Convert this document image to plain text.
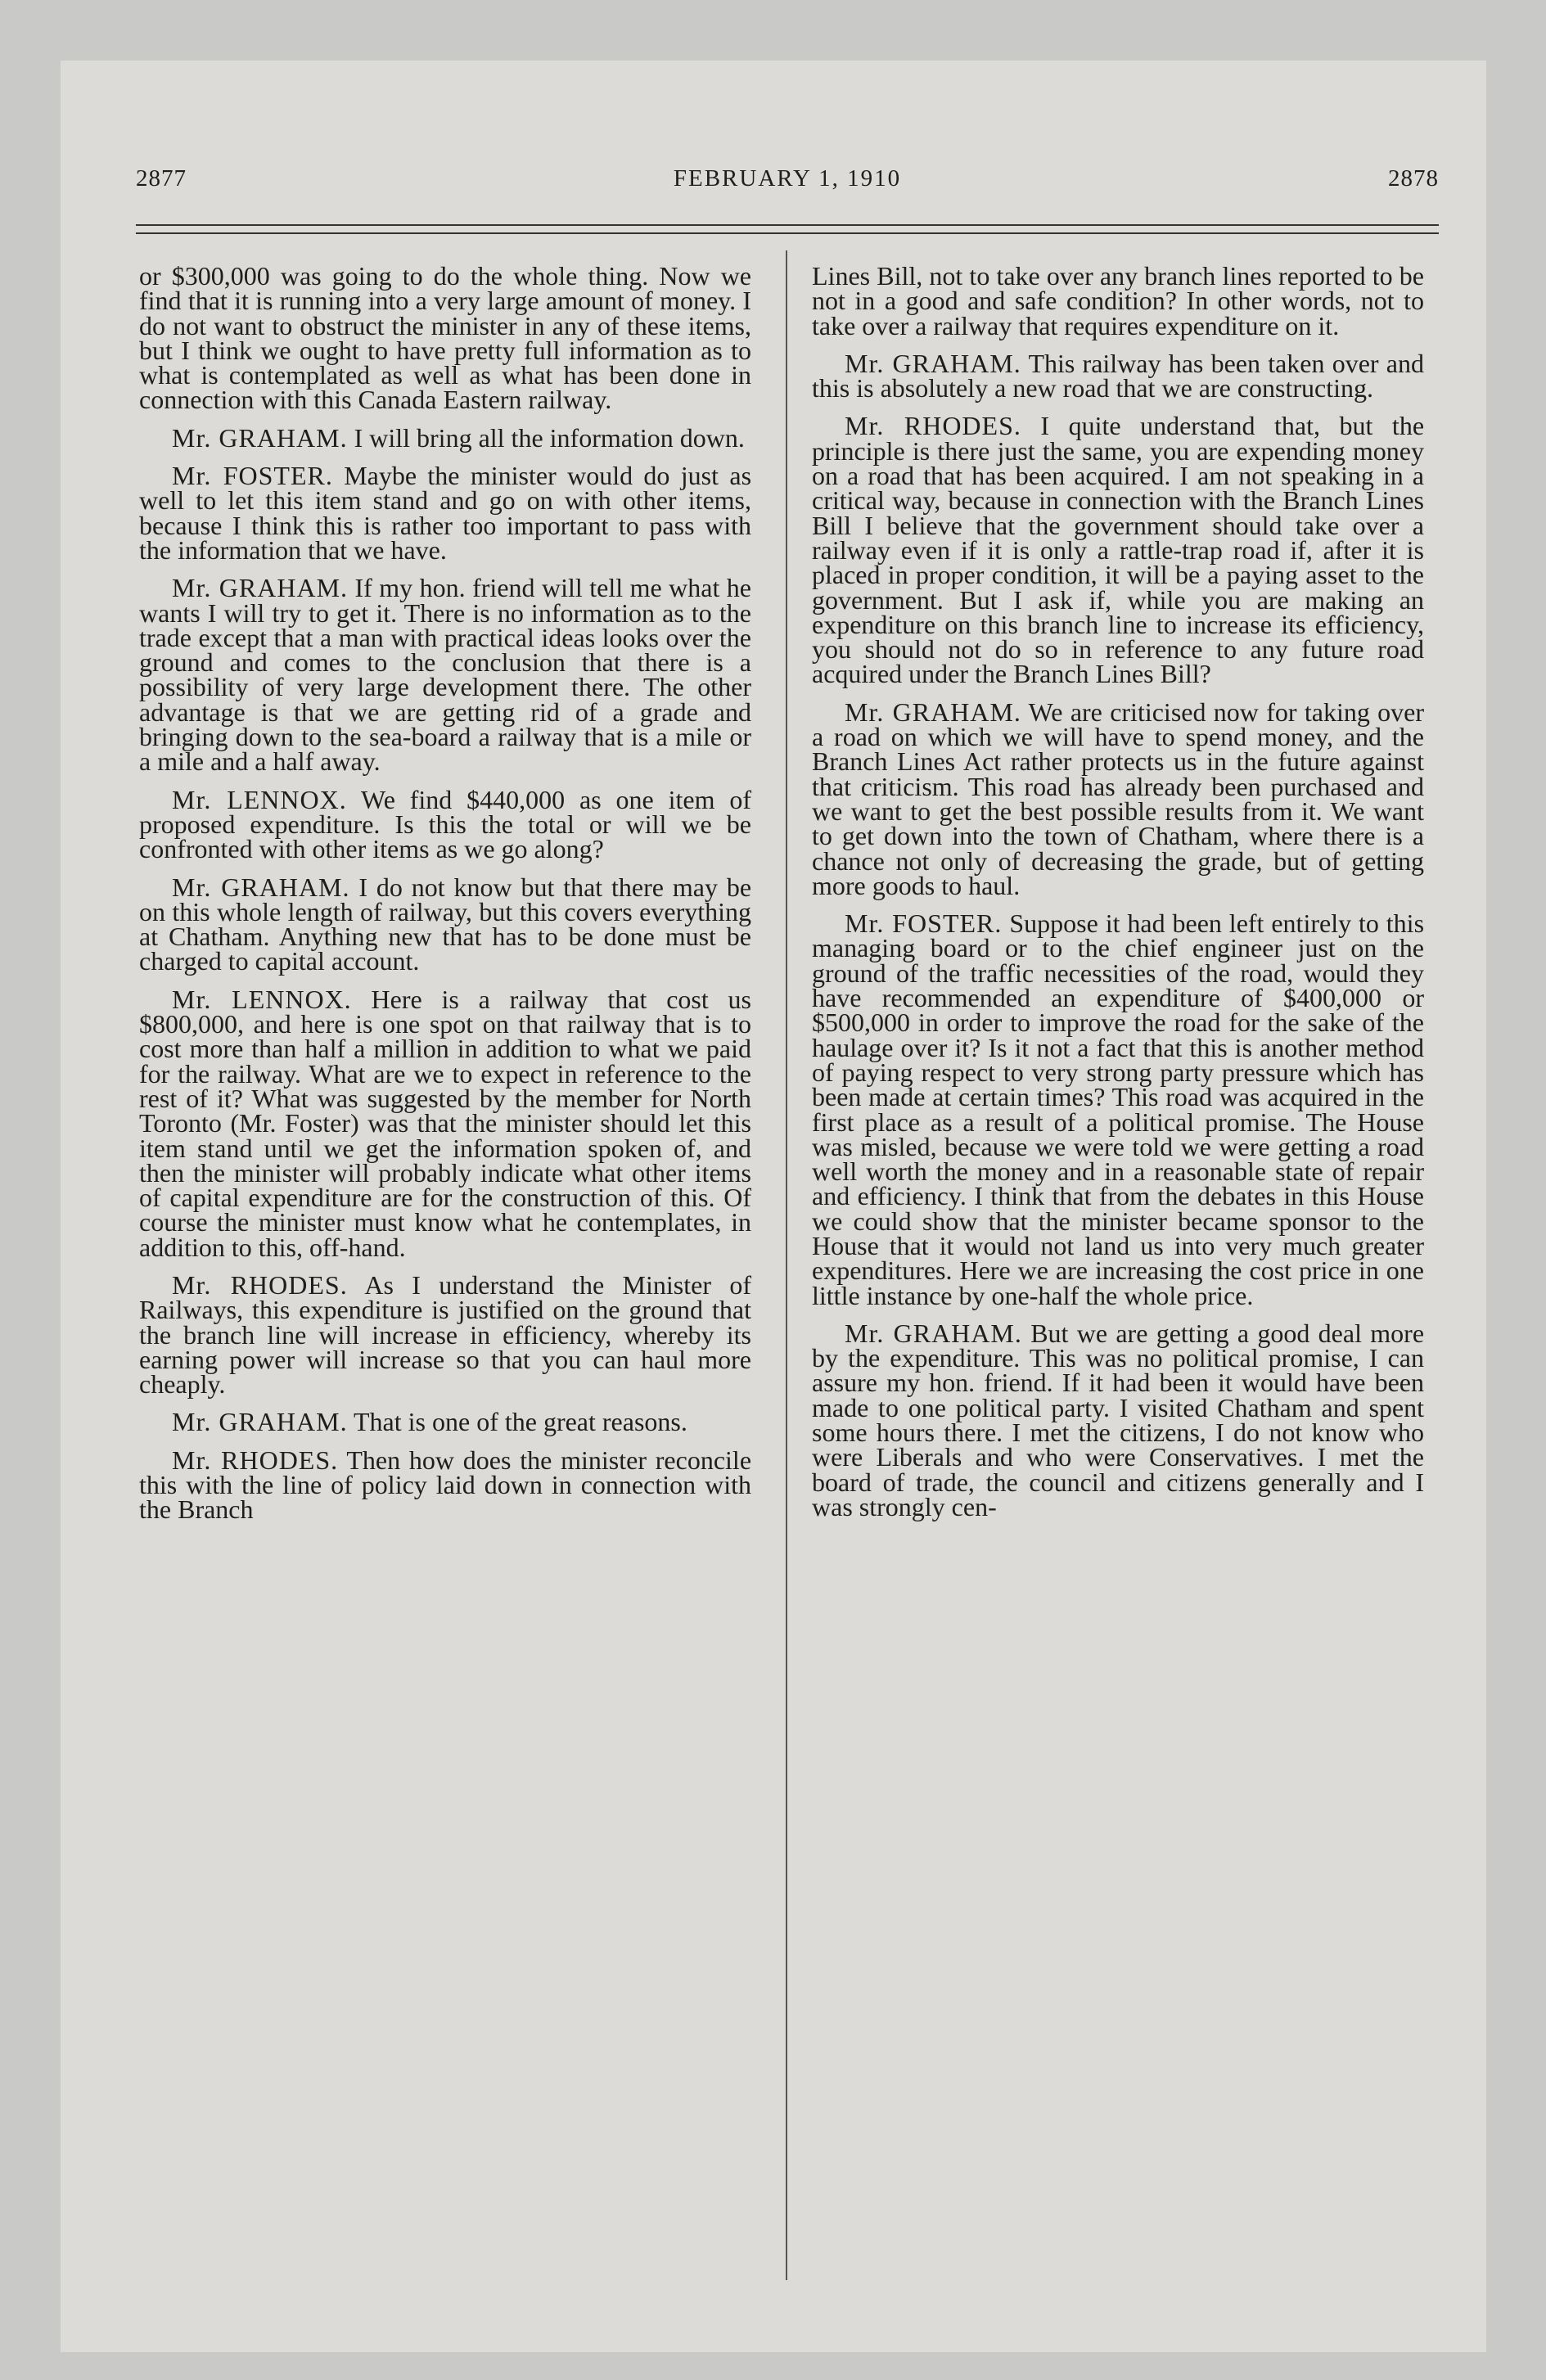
2877	FEBRUARY 1, 1910	2878

or $300,000 was going to do the whole thing. Now we find that it is running into a very large amount of money. I do not want to obstruct the minister in any of these items, but I think we ought to have pretty full information as to what is contemplated as well as what has been done in connection with this Canada Eastern railway.

Mr. GRAHAM. I will bring all the information down.

Mr. FOSTER. Maybe the minister would do just as well to let this item stand and go on with other items, because I think this is rather too important to pass with the information that we have.

Mr. GRAHAM. If my hon. friend will tell me what he wants I will try to get it. There is no information as to the trade except that a man with practical ideas looks over the ground and comes to the conclusion that there is a possibility of very large development there. The other advantage is that we are getting rid of a grade and bringing down to the sea-board a railway that is a mile or a mile and a half away.

Mr. LENNOX. We find $440,000 as one item of proposed expenditure. Is this the total or will we be confronted with other items as we go along?

Mr. GRAHAM. I do not know but that there may be on this whole length of railway, but this covers everything at Chatham. Anything new that has to be done must be charged to capital account.

Mr. LENNOX. Here is a railway that cost us $800,000, and here is one spot on that railway that is to cost more than half a million in addition to what we paid for the railway. What are we to expect in reference to the rest of it? What was suggested by the member for North Toronto (Mr. Foster) was that the minister should let this item stand until we get the information spoken of, and then the minister will probably indicate what other items of capital expenditure are for the construction of this. Of course the minister must know what he contemplates, in addition to this, off-hand.

Mr. RHODES. As I understand the Minister of Railways, this expenditure is justified on the ground that the branch line will increase in efficiency, whereby its earning power will increase so that you can haul more cheaply.

Mr. GRAHAM. That is one of the great reasons.

Mr. RHODES. Then how does the minister reconcile this with the line of policy laid down in connection with the Branch

Lines Bill, not to take over any branch lines reported to be not in a good and safe condition? In other words, not to take over a railway that requires expenditure on it.

Mr. GRAHAM. This railway has been taken over and this is absolutely a new road that we are constructing.

Mr. RHODES. I quite understand that, but the principle is there just the same, you are expending money on a road that has been acquired. I am not speaking in a critical way, because in connection with the Branch Lines Bill I believe that the government should take over a railway even if it is only a rattle-trap road if, after it is placed in proper condition, it will be a paying asset to the government. But I ask if, while you are making an expenditure on this branch line to increase its efficiency, you should not do so in reference to any future road acquired under the Branch Lines Bill?

Mr. GRAHAM. We are criticised now for taking over a road on which we will have to spend money, and the Branch Lines Act rather protects us in the future against that criticism. This road has already been purchased and we want to get the best possible results from it. We want to get down into the town of Chatham, where there is a chance not only of decreasing the grade, but of getting more goods to haul.

Mr. FOSTER. Suppose it had been left entirely to this managing board or to the chief engineer just on the ground of the traffic necessities of the road, would they have recommended an expenditure of $400,000 or $500,000 in order to improve the road for the sake of the haulage over it? Is it not a fact that this is another method of paying respect to very strong party pressure which has been made at certain times? This road was acquired in the first place as a result of a political promise. The House was misled, because we were told we were getting a road well worth the money and in a reasonable state of repair and efficiency. I think that from the debates in this House we could show that the minister became sponsor to the House that it would not land us into very much greater expenditures. Here we are increasing the cost price in one little instance by one-half the whole price.

Mr. GRAHAM. But we are getting a good deal more by the expenditure. This was no political promise, I can assure my hon. friend. If it had been it would have been made to one political party. I visited Chatham and spent some hours there. I met the citizens, I do not know who were Liberals and who were Conservatives. I met the board of trade, the council and citizens generally and I was strongly cen-
